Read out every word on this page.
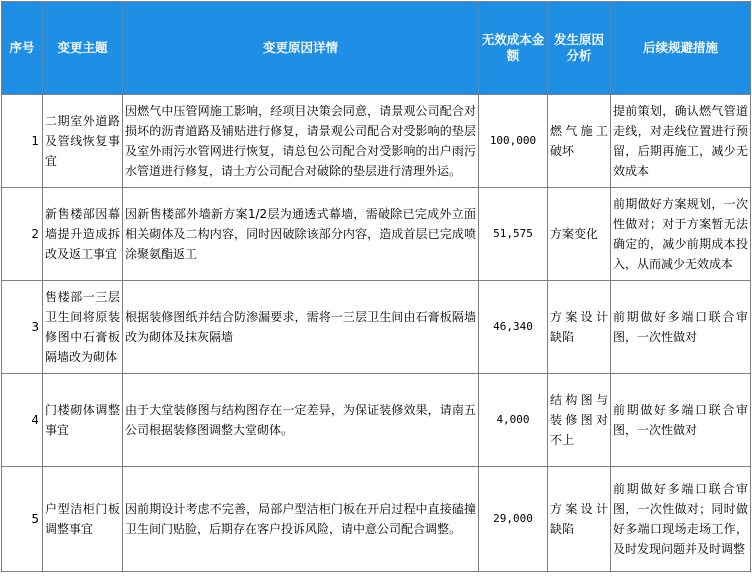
序号	变更主题	变更原因详情	无效成本金额	发生原因分析	后续规避措施
1	二期室外道路及管线恢复事宜	因燃气中压管网施工影响，经项目决策会同意，请景观公司配合对损坏的沥青道路及铺贴进行修复，请景观公司配合对受影响的垫层及室外雨污水管网进行恢复，请总包公司配合对受影响的出户雨污水管道进行修复，请土方公司配合对破除的垫层进行清理外运。	100,000	燃气施工破坏	提前策划，确认燃气管道走线，对走线位置进行预留，后期再施工，减少无效成本
2	新售楼部因幕墙提升造成拆改及返工事宜	因新售楼部外墙新方案1/2层为通透式幕墙，需破除已完成外立面相关砌体及二构内容，同时因破除该部分内容，造成首层已完成喷涂聚氨酯返工	51,575	方案变化	前期做好方案规划，一次性做对；对于方案暂无法确定的，减少前期成本投入，从而减少无效成本
3	售楼部一三层卫生间将原装修图中石膏板隔墙改为砌体	根据装修图纸并结合防渗漏要求，需将一三层卫生间由石膏板隔墙改为砌体及抹灰隔墙	46,340	方案设计缺陷	前期做好多端口联合审图，一次性做对
4	门楼砌体调整事宜	由于大堂装修图与结构图存在一定差异，为保证装修效果，请南五公司根据装修图调整大堂砌体。	4,000	结构图与装修图对不上	前期做好多端口联合审图，一次性做对
5	户型洁柜门板调整事宜	因前期设计考虑不完善，局部户型洁柜门板在开启过程中直接磕撞卫生间门贴脸，后期存在客户投诉风险，请中意公司配合调整。	29,000	方案设计缺陷	前期做好多端口联合审图，一次性做对；同时做好多端口现场走场工作，及时发现问题并及时调整
